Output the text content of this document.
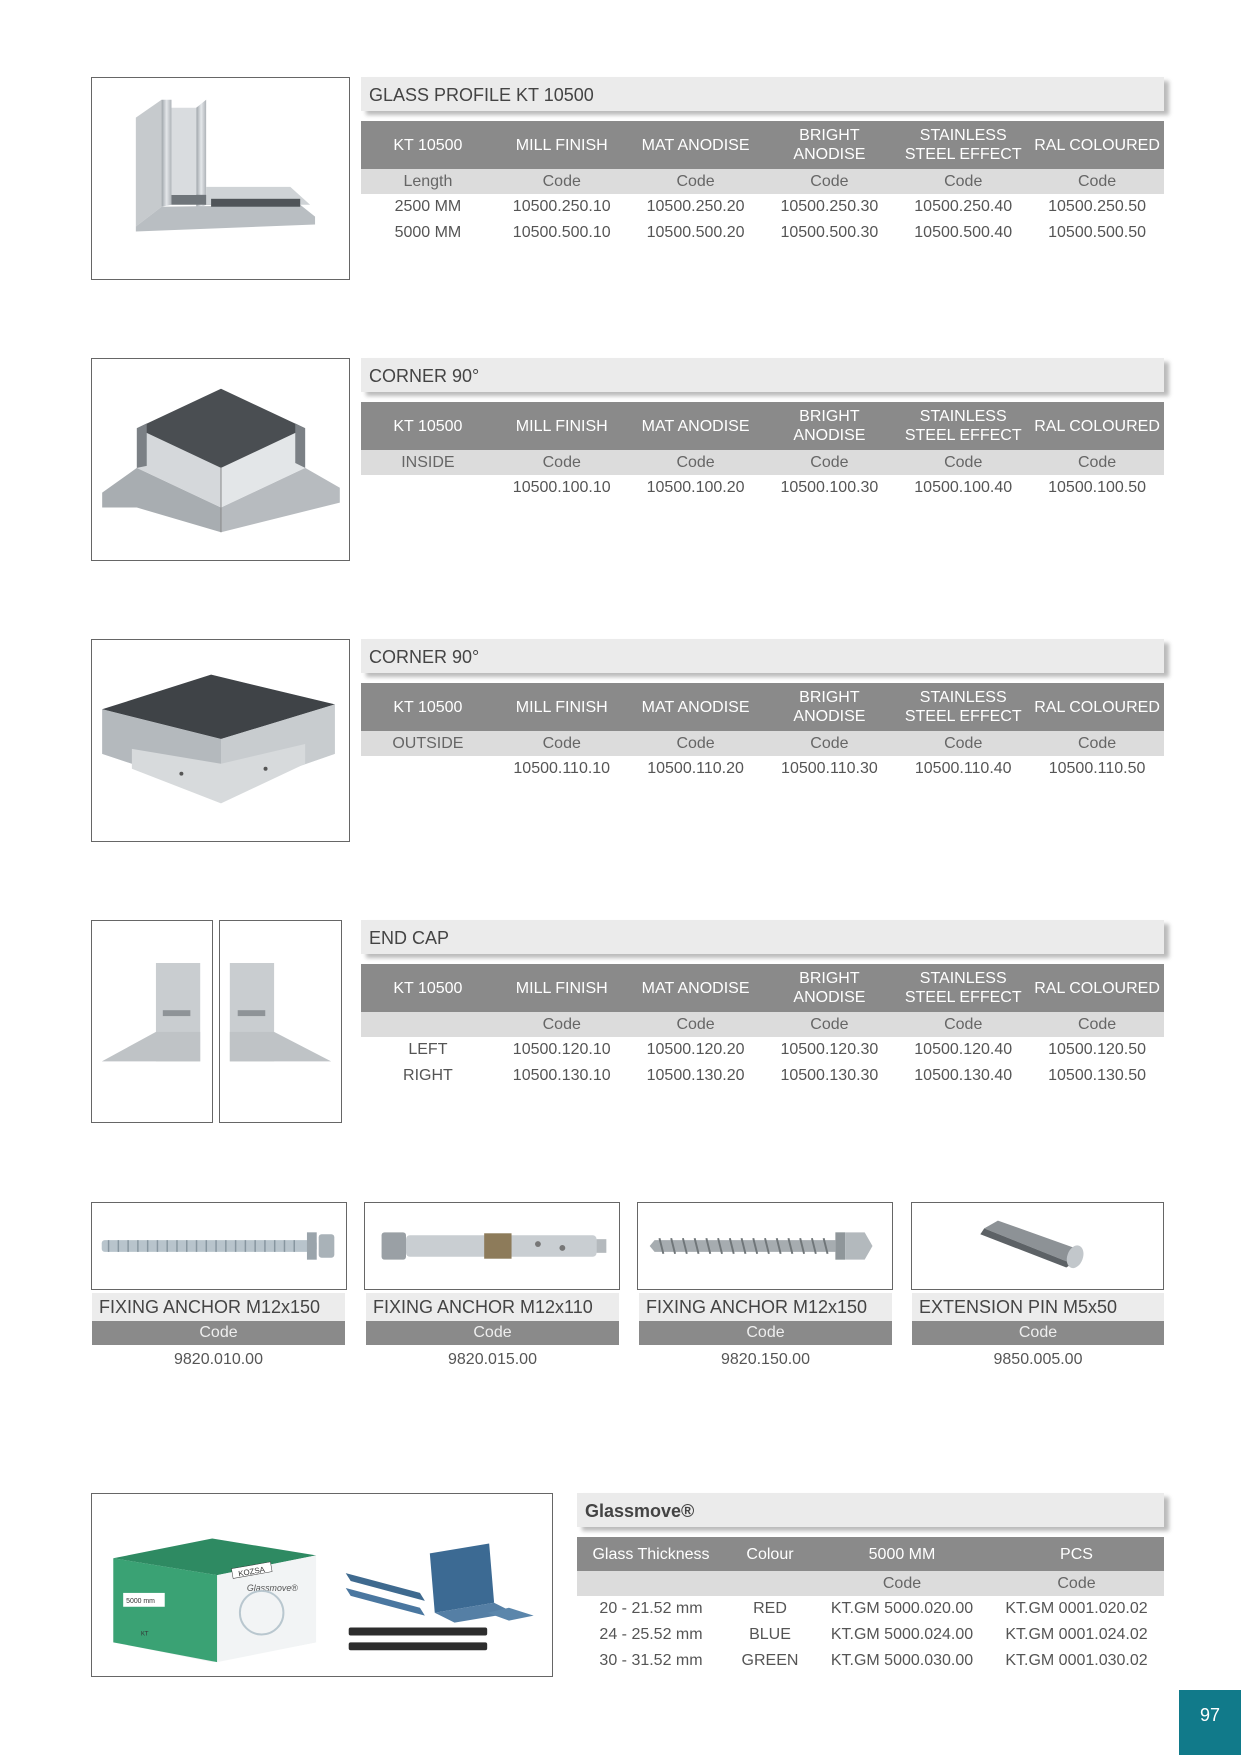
GLASS PROFILE KT 10500
KT 10500	MILL FINISH	MAT ANODISE	BRIGHT ANODISE	STAINLESS STEEL EFFECT	RAL COLOURED
Length	Code	Code	Code	Code	Code
2500 MM	10500.250.10	10500.250.20	10500.250.30	10500.250.40	10500.250.50
5000 MM	10500.500.10	10500.500.20	10500.500.30	10500.500.40	10500.500.50
CORNER 90°
KT 10500	MILL FINISH	MAT ANODISE	BRIGHT ANODISE	STAINLESS STEEL EFFECT	RAL COLOURED
INSIDE	Code	Code	Code	Code	Code
	10500.100.10	10500.100.20	10500.100.30	10500.100.40	10500.100.50
CORNER 90°
KT 10500	MILL FINISH	MAT ANODISE	BRIGHT ANODISE	STAINLESS STEEL EFFECT	RAL COLOURED
OUTSIDE	Code	Code	Code	Code	Code
	10500.110.10	10500.110.20	10500.110.30	10500.110.40	10500.110.50
END CAP
KT 10500	MILL FINISH	MAT ANODISE	BRIGHT ANODISE	STAINLESS STEEL EFFECT	RAL COLOURED
	Code	Code	Code	Code	Code
LEFT	10500.120.10	10500.120.20	10500.120.30	10500.120.40	10500.120.50
RIGHT	10500.130.10	10500.130.20	10500.130.30	10500.130.40	10500.130.50
FIXING ANCHOR M12x150
Code
9820.010.00
FIXING ANCHOR M12x110
Code
9820.015.00
FIXING ANCHOR M12x150
Code
9820.150.00
EXTENSION PIN M5x50
Code
9850.005.00
KOZSA
Glassmove®
5000 mm
KT
Glassmove®
Glass Thickness	Colour	5000 MM	PCS
		Code	Code
20 - 21.52 mm	RED	KT.GM 5000.020.00	KT.GM 0001.020.02
24 - 25.52 mm	BLUE	KT.GM 5000.024.00	KT.GM 0001.024.02
30 - 31.52 mm	GREEN	KT.GM 5000.030.00	KT.GM 0001.030.02
97
